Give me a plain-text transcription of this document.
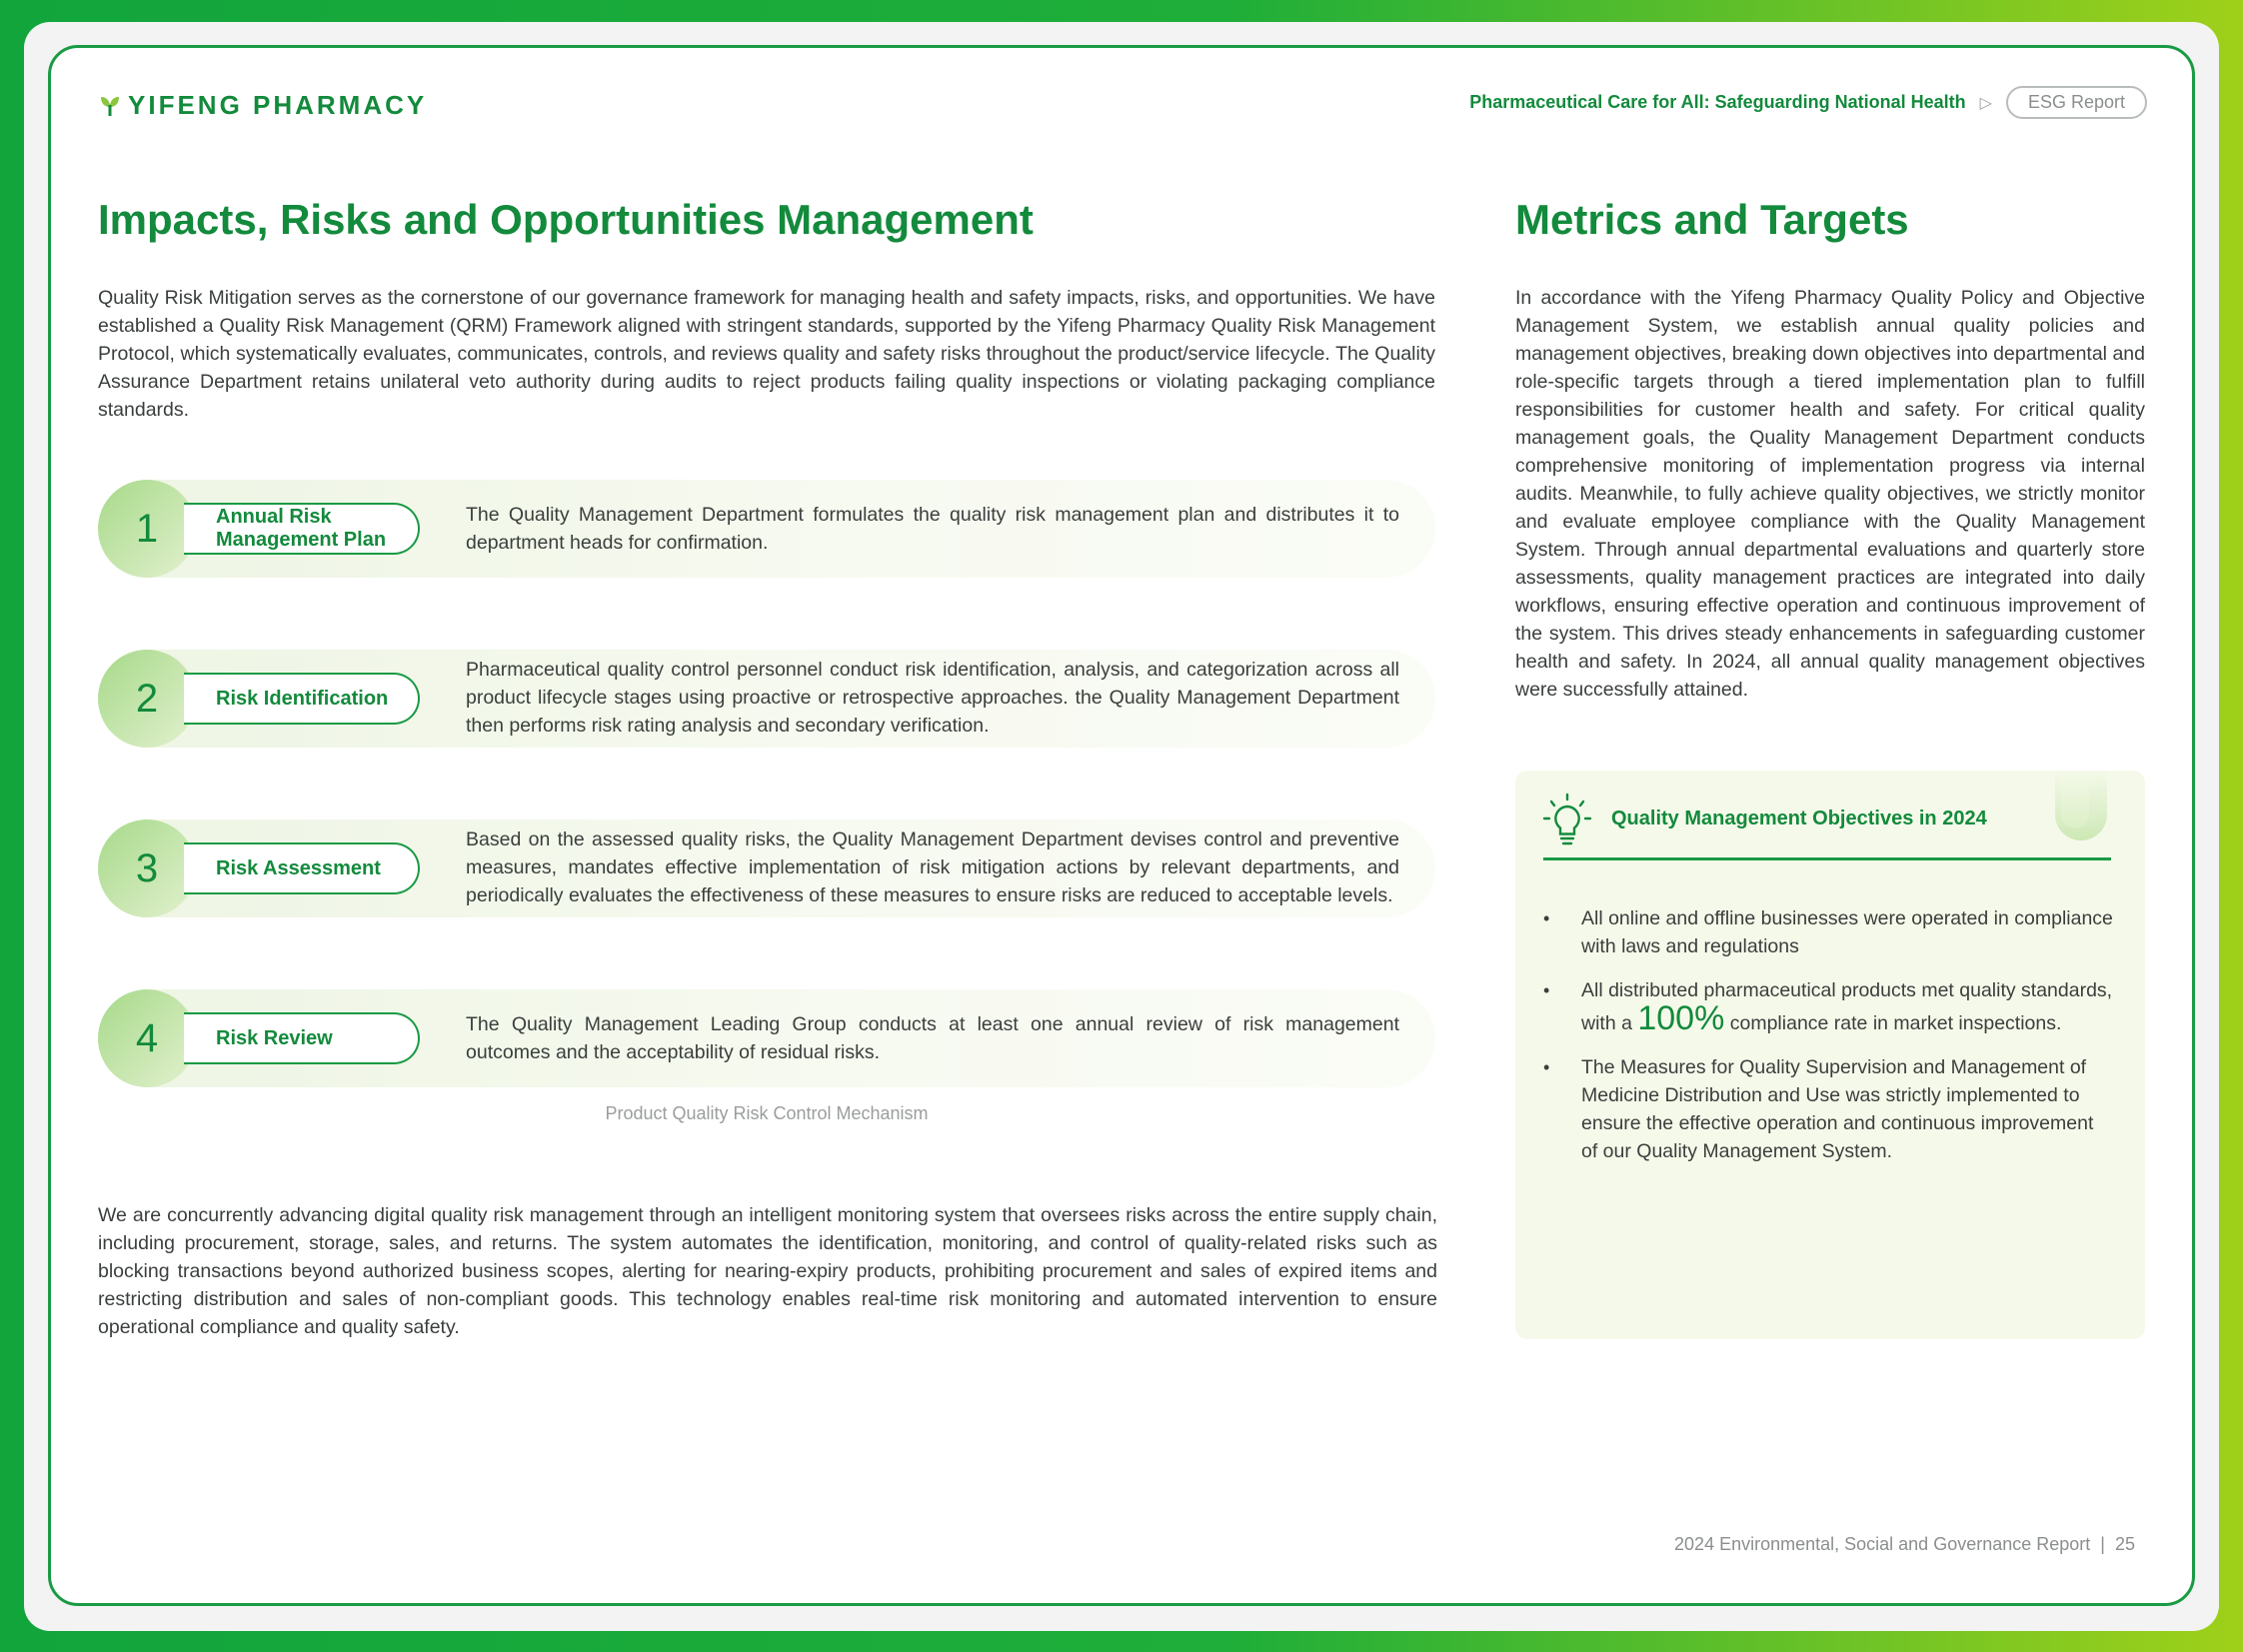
YIFENG PHARMACY	Pharmaceutical Care for All: Safeguarding National Health ▷	ESG Report
Impacts, Risks and Opportunities Management

Quality Risk Mitigation serves as the cornerstone of our governance framework for managing health and safety impacts, risks, and opportunities. We have established a Quality Risk Management (QRM) Framework aligned with stringent standards, supported by the Yifeng Pharmacy Quality Risk Management Protocol, which systematically evaluates, communicates, controls, and reviews quality and safety risks throughout the product/service lifecycle. The Quality Assurance Department retains unilateral veto authority during audits to reject products failing quality inspections or violating packaging compliance standards.

1	Annual Risk Management Plan

The Quality Management Department formulates the quality risk management plan and distributes it to department heads for confirmation.

2	Risk Identification

Pharmaceutical quality control personnel conduct risk identification, analysis, and categorization across all product lifecycle stages using proactive or retrospective approaches. the Quality Management Department then performs risk rating analysis and secondary verification.

3	Risk Assessment

Based on the assessed quality risks, the Quality Management Department devises control and preventive measures, mandates effective implementation of risk mitigation actions by relevant departments, and periodically evaluates the effectiveness of these measures to ensure risks are reduced to acceptable levels.

4	Risk Review

The Quality Management Leading Group conducts at least one annual review of risk management outcomes and the acceptability of residual risks.

Product Quality Risk Control Mechanism

We are concurrently advancing digital quality risk management through an intelligent monitoring system that oversees risks across the entire supply chain, including procurement, storage, sales, and returns. The system automates the identification, monitoring, and control of quality-related risks such as blocking transactions beyond authorized business scopes, alerting for nearing-expiry products, prohibiting procurement and sales of expired items and restricting distribution and sales of non-compliant goods. This technology enables real-time risk monitoring and automated intervention to ensure operational compliance and quality safety.

Metrics and Targets

In accordance with the Yifeng Pharmacy Quality Policy and Objective Management System, we establish annual quality policies and management objectives, breaking down objectives into departmental and role-specific targets through a tiered implementation plan to fulfill responsibilities for customer health and safety. For critical quality management goals, the Quality Management Department conducts comprehensive monitoring of implementation progress via internal audits. Meanwhile, to fully achieve quality objectives, we strictly monitor and evaluate employee compliance with the Quality Management System. Through annual departmental evaluations and quarterly store assessments, quality management practices are integrated into daily workflows, ensuring effective operation and continuous improvement of the system. This drives steady enhancements in safeguarding customer health and safety. In 2024, all annual quality management objectives were successfully attained.

Quality Management Objectives in 2024
• All online and offline businesses were operated in compliance with laws and regulations
• All distributed pharmaceutical products met quality standards, with a 100% compliance rate in market inspections.
• The Measures for Quality Supervision and Management of Medicine Distribution and Use was strictly implemented to ensure the effective operation and continuous improvement of our Quality Management System.
2024 Environmental, Social and Governance Report | 25
